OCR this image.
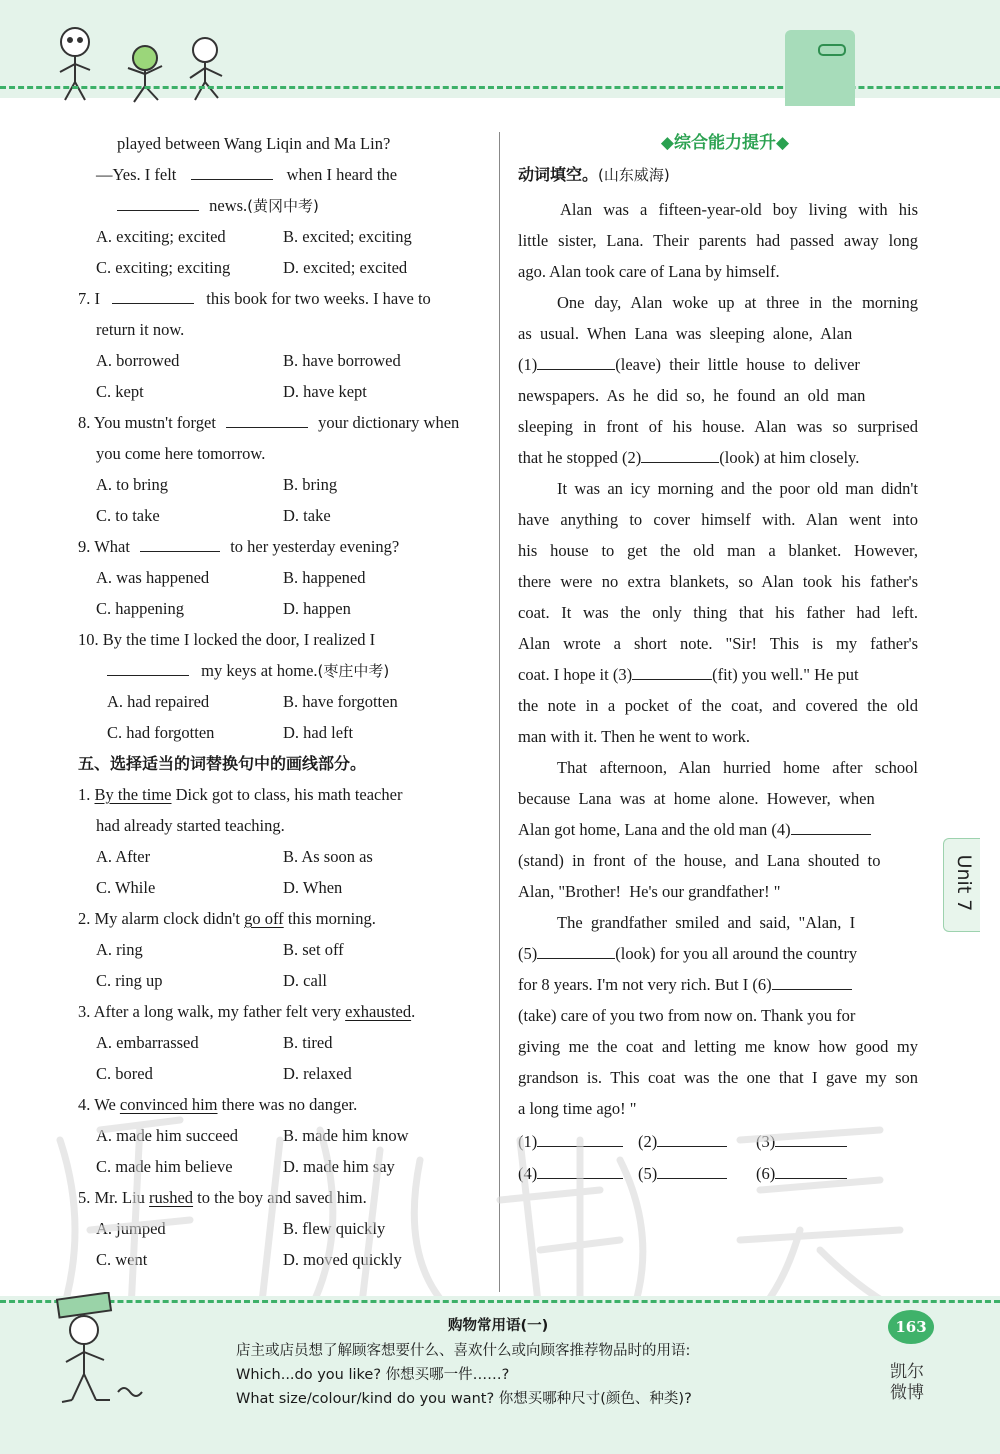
played between Wang Liqin and Ma Lin?
—Yes. I felt	when I heard the
news.(黄冈中考)
A. exciting; excited	B. excited; exciting
C. exciting; exciting	D. excited; excited
7. I	this book for two weeks. I have to
return it now.
A. borrowed	B. have borrowed
C. kept	D. have kept
8. You mustn't forget	your dictionary when
you come here tomorrow.
A. to bring	B. bring
C. to take	D. take
9. What	to her yesterday evening?
A. was happened	B. happened
C. happening	D. happen
10. By the time I locked the door, I realized I
my keys at home.(枣庄中考)
A. had repaired	B. have forgotten
C. had forgotten	D. had left
五、选择适当的词替换句中的画线部分。
1. By the time Dick got to class, his math teacher
had already started teaching.
A. After	B. As soon as
C. While	D. When
2. My alarm clock didn't go off this morning.
A. ring	B. set off
C. ring up	D. call
3. After a long walk, my father felt very exhausted.
A. embarrassed	B. tired
C. bored	D. relaxed
4. We convinced him there was no danger.
A. made him succeed	B. made him know
C. made him believe	D. made him say
5. Mr. Liu rushed to the boy and saved him.
A. jumped	B. flew quickly
C. went	D. moved quickly
◆综合能力提升◆
动词填空。(山东威海)
Alan was a fifteen-year-old boy living with his
little sister, Lana. Their parents had passed away long
ago. Alan took care of Lana by himself.
One day, Alan woke up at three in the morning
as  usual.  When  Lana  was  sleeping  alone,  Alan
(1)	(leave)  their  little  house  to  deliver
newspapers.  As  he  did  so,  he  found  an  old  man
sleeping in front of his house. Alan was so surprised
that he stopped (2)	(look) at him closely.
It was an icy morning and the poor old man didn't
have anything to cover himself with. Alan went into
his house to get the old man a blanket. However,
there were no extra blankets, so Alan took his father's
coat. It was the only thing that his father had left.
Alan wrote a short note. "Sir! This is my father's
coat. I hope it (3)	(fit) you well." He put
the note in a pocket of the coat, and covered the old
man with it. Then he went to work.
That afternoon, Alan hurried home after school
because  Lana  was  at  home  alone.  However,  when
Alan got home, Lana and the old man (4)
(stand)  in  front  of  the  house,  and  Lana  shouted  to
Alan, "Brother!  He's our grandfather! "
The  grandfather  smiled  and  said,  "Alan,  I
(5)	(look) for you all around the country
for 8 years. I'm not very rich. But I (6)
(take) care of you two from now on. Thank you for
giving me the coat and letting me know how good my
grandson is. This coat was the one that I gave my son
a long time ago! "
(1)	(2)	(3)
(4)	(5)	(6)
Unit 7
购物常用语(一)
店主或店员想了解顾客想要什么、喜欢什么或向顾客推荐物品时的用语:
Which...do you like? 你想买哪一件……?
What size/colour/kind do you want? 你想买哪种尺寸(颜色、种类)?
163
凯尔
微博
